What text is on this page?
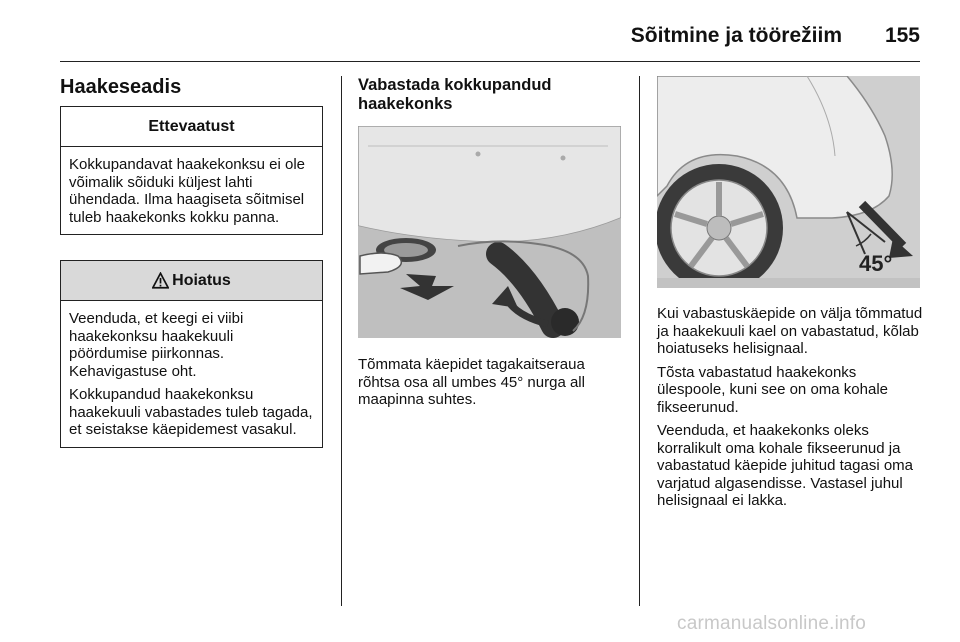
Sõitmine ja töörežiim 155
Haakeseadis
Ettevaatust

Kokkupandavat haakekonksu ei ole võimalik sõiduki küljest lahti ühendada. Ilma haagiseta sõitmisel tuleb haakekonks kokku panna.

Hoiatus

Veenduda, et keegi ei viibi haakekonksu haakekuuli pöördumise piirkonnas. Kehavigastuse oht.

Kokkupandud haakekonksu haakekuuli vabastades tuleb tagada, et seistakse käepidemest vasakul.

Vabastada kokkupandud haakekonks

Tõmmata käepidet tagakaitseraua rõhtsa osa all umbes 45° nurga all maapinna suhtes.

45°

Kui vabastuskäepide on välja tõmmatud ja haakekuuli kael on vabastatud, kõlab hoiatuseks helisignaal.

Tõsta vabastatud haakekonks ülespoole, kuni see on oma kohale fikseerunud.

Veenduda, et haakekonks oleks korralikult oma kohale fikseerunud ja vabastatud käepide juhitud tagasi oma varjatud algasendisse. Vastasel juhul helisignaal ei lakka.

carmanualsonline.info
